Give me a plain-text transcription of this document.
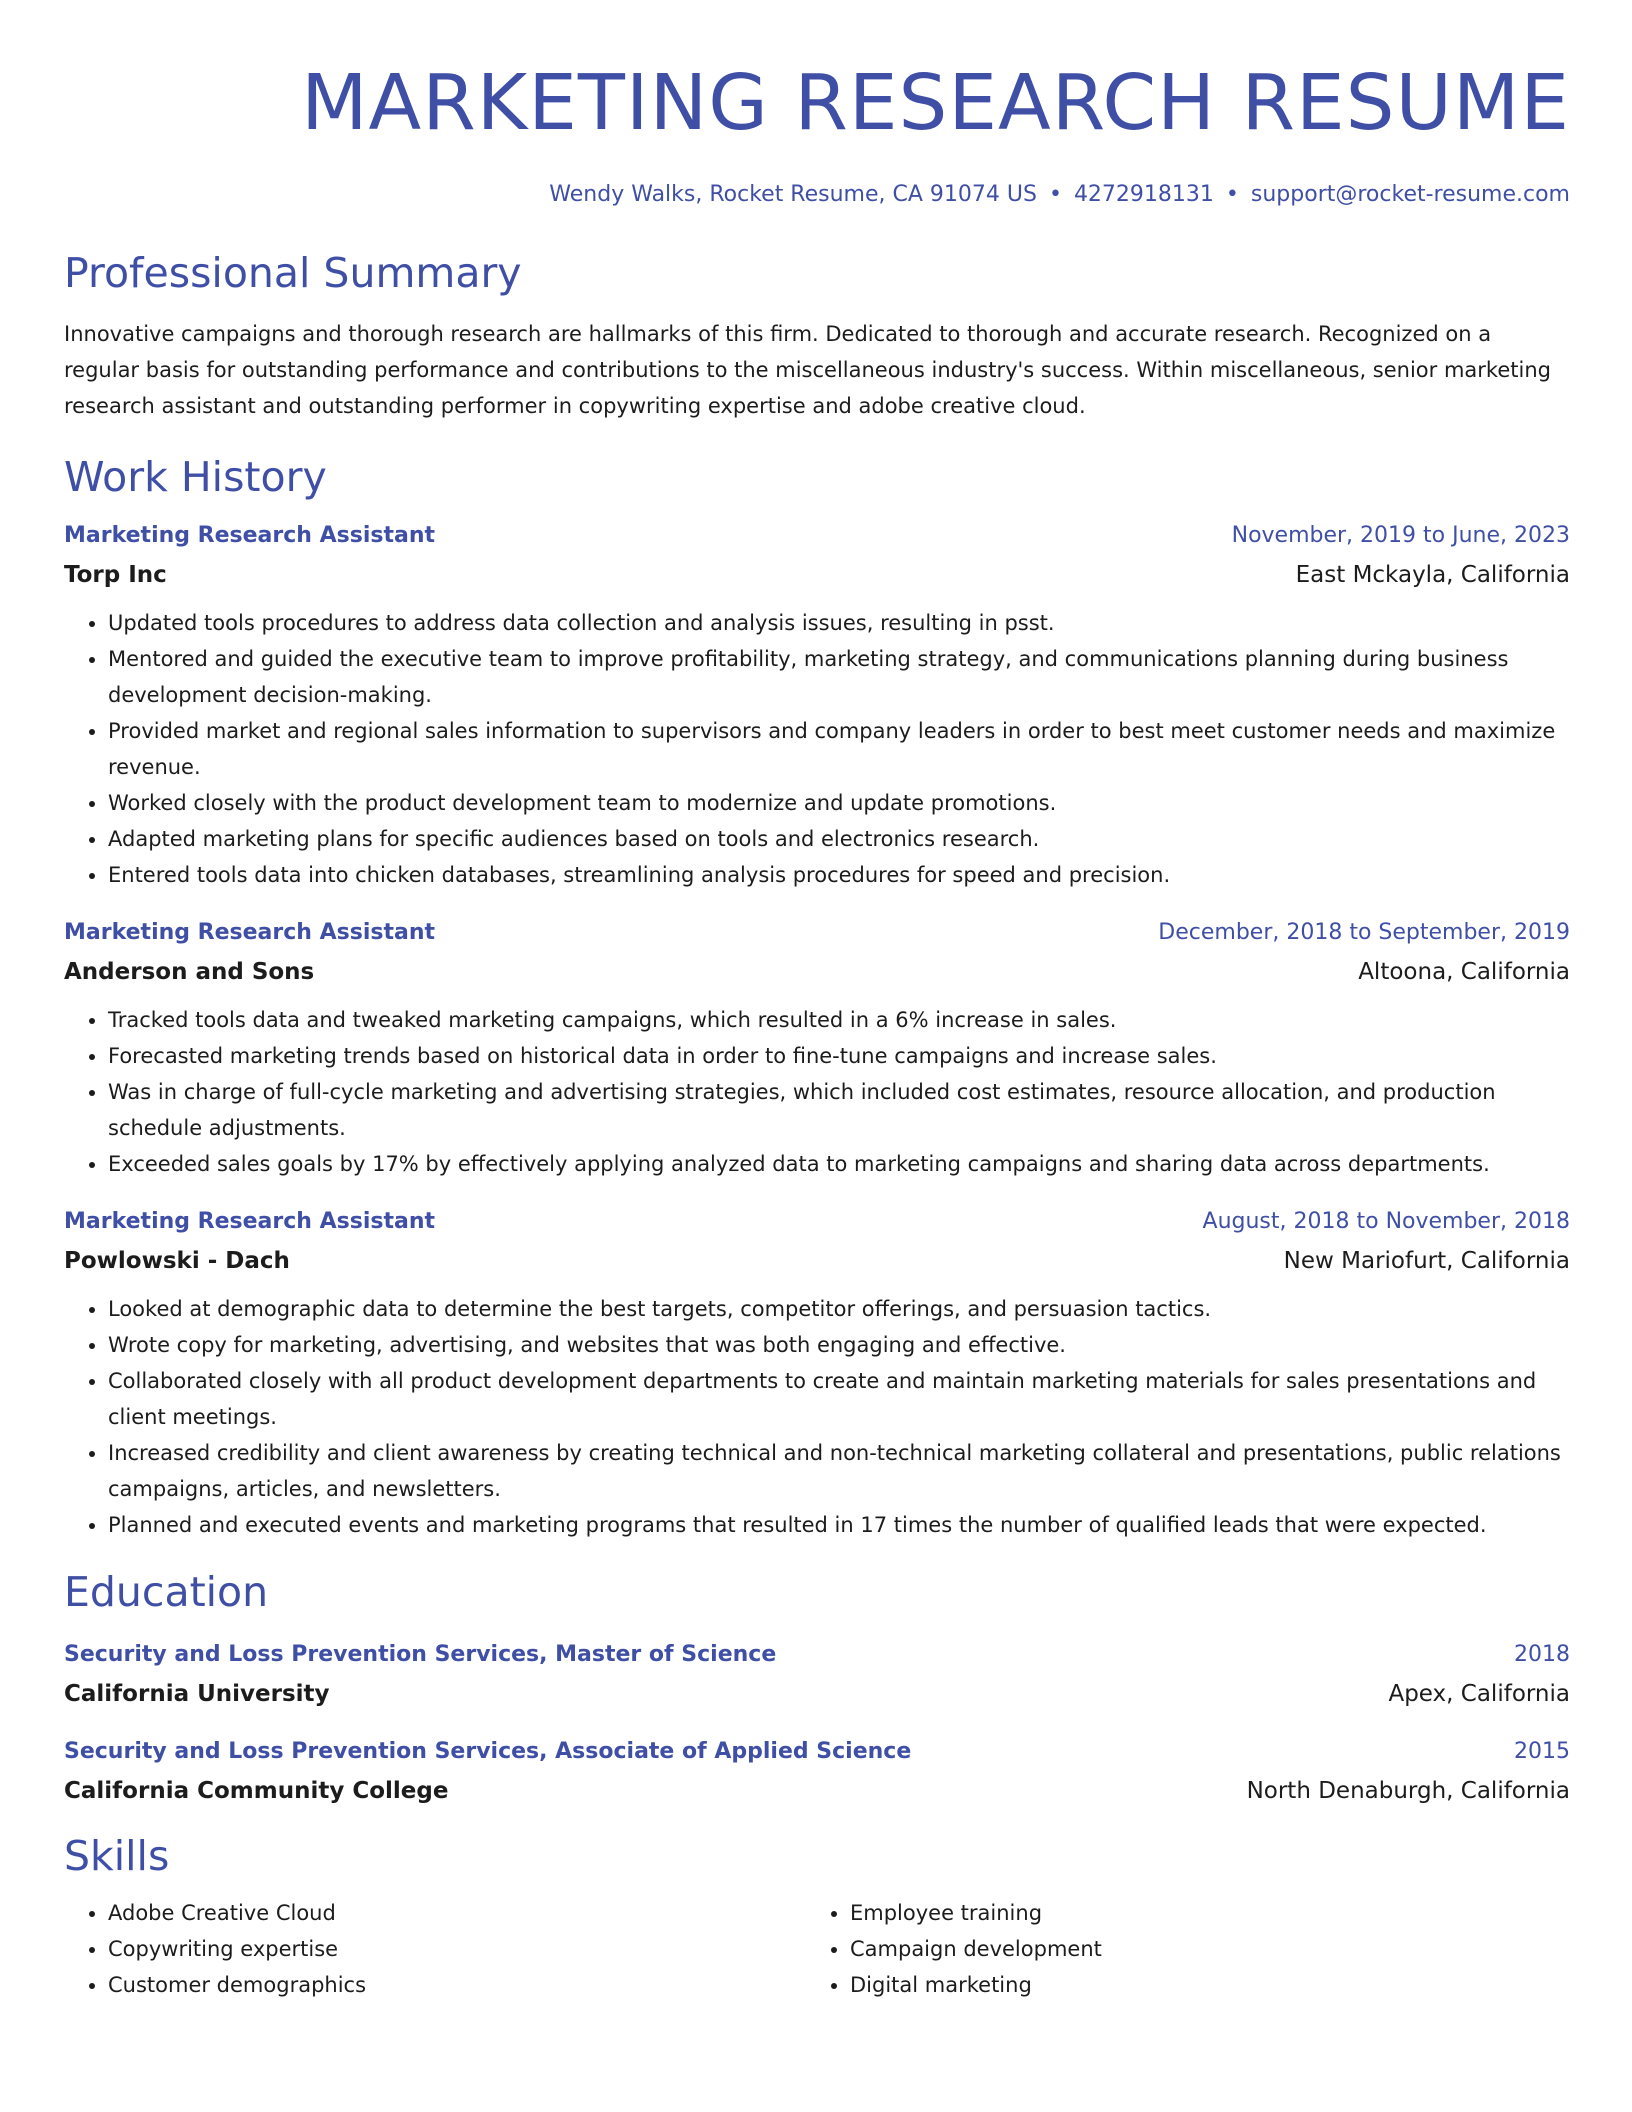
MARKETING RESEARCH RESUME
Wendy Walks, Rocket Resume, CA 91074 US • 4272918131 • support@rocket-resume.com
Professional Summary
Innovative campaigns and thorough research are hallmarks of this firm. Dedicated to thorough and accurate research. Recognized on a regular basis for outstanding performance and contributions to the miscellaneous industry's success. Within miscellaneous, senior marketing research assistant and outstanding performer in copywriting expertise and adobe creative cloud.
Work History
Marketing Research Assistant	November, 2019 to June, 2023
Torp Inc	East Mckayla, California
• Updated tools procedures to address data collection and analysis issues, resulting in psst.
• Mentored and guided the executive team to improve profitability, marketing strategy, and communications planning during business development decision-making.
• Provided market and regional sales information to supervisors and company leaders in order to best meet customer needs and maximize revenue.
• Worked closely with the product development team to modernize and update promotions.
• Adapted marketing plans for specific audiences based on tools and electronics research.
• Entered tools data into chicken databases, streamlining analysis procedures for speed and precision.
Marketing Research Assistant	December, 2018 to September, 2019
Anderson and Sons	Altoona, California
• Tracked tools data and tweaked marketing campaigns, which resulted in a 6% increase in sales.
• Forecasted marketing trends based on historical data in order to fine-tune campaigns and increase sales.
• Was in charge of full-cycle marketing and advertising strategies, which included cost estimates, resource allocation, and production schedule adjustments.
• Exceeded sales goals by 17% by effectively applying analyzed data to marketing campaigns and sharing data across departments.
Marketing Research Assistant	August, 2018 to November, 2018
Powlowski - Dach	New Mariofurt, California
• Looked at demographic data to determine the best targets, competitor offerings, and persuasion tactics.
• Wrote copy for marketing, advertising, and websites that was both engaging and effective.
• Collaborated closely with all product development departments to create and maintain marketing materials for sales presentations and client meetings.
• Increased credibility and client awareness by creating technical and non-technical marketing collateral and presentations, public relations campaigns, articles, and newsletters.
• Planned and executed events and marketing programs that resulted in 17 times the number of qualified leads that were expected.
Education
Security and Loss Prevention Services, Master of Science	2018
California University	Apex, California
Security and Loss Prevention Services, Associate of Applied Science	2015
California Community College	North Denaburgh, California
Skills
• Adobe Creative Cloud
• Copywriting expertise
• Customer demographics
• Employee training
• Campaign development
• Digital marketing
